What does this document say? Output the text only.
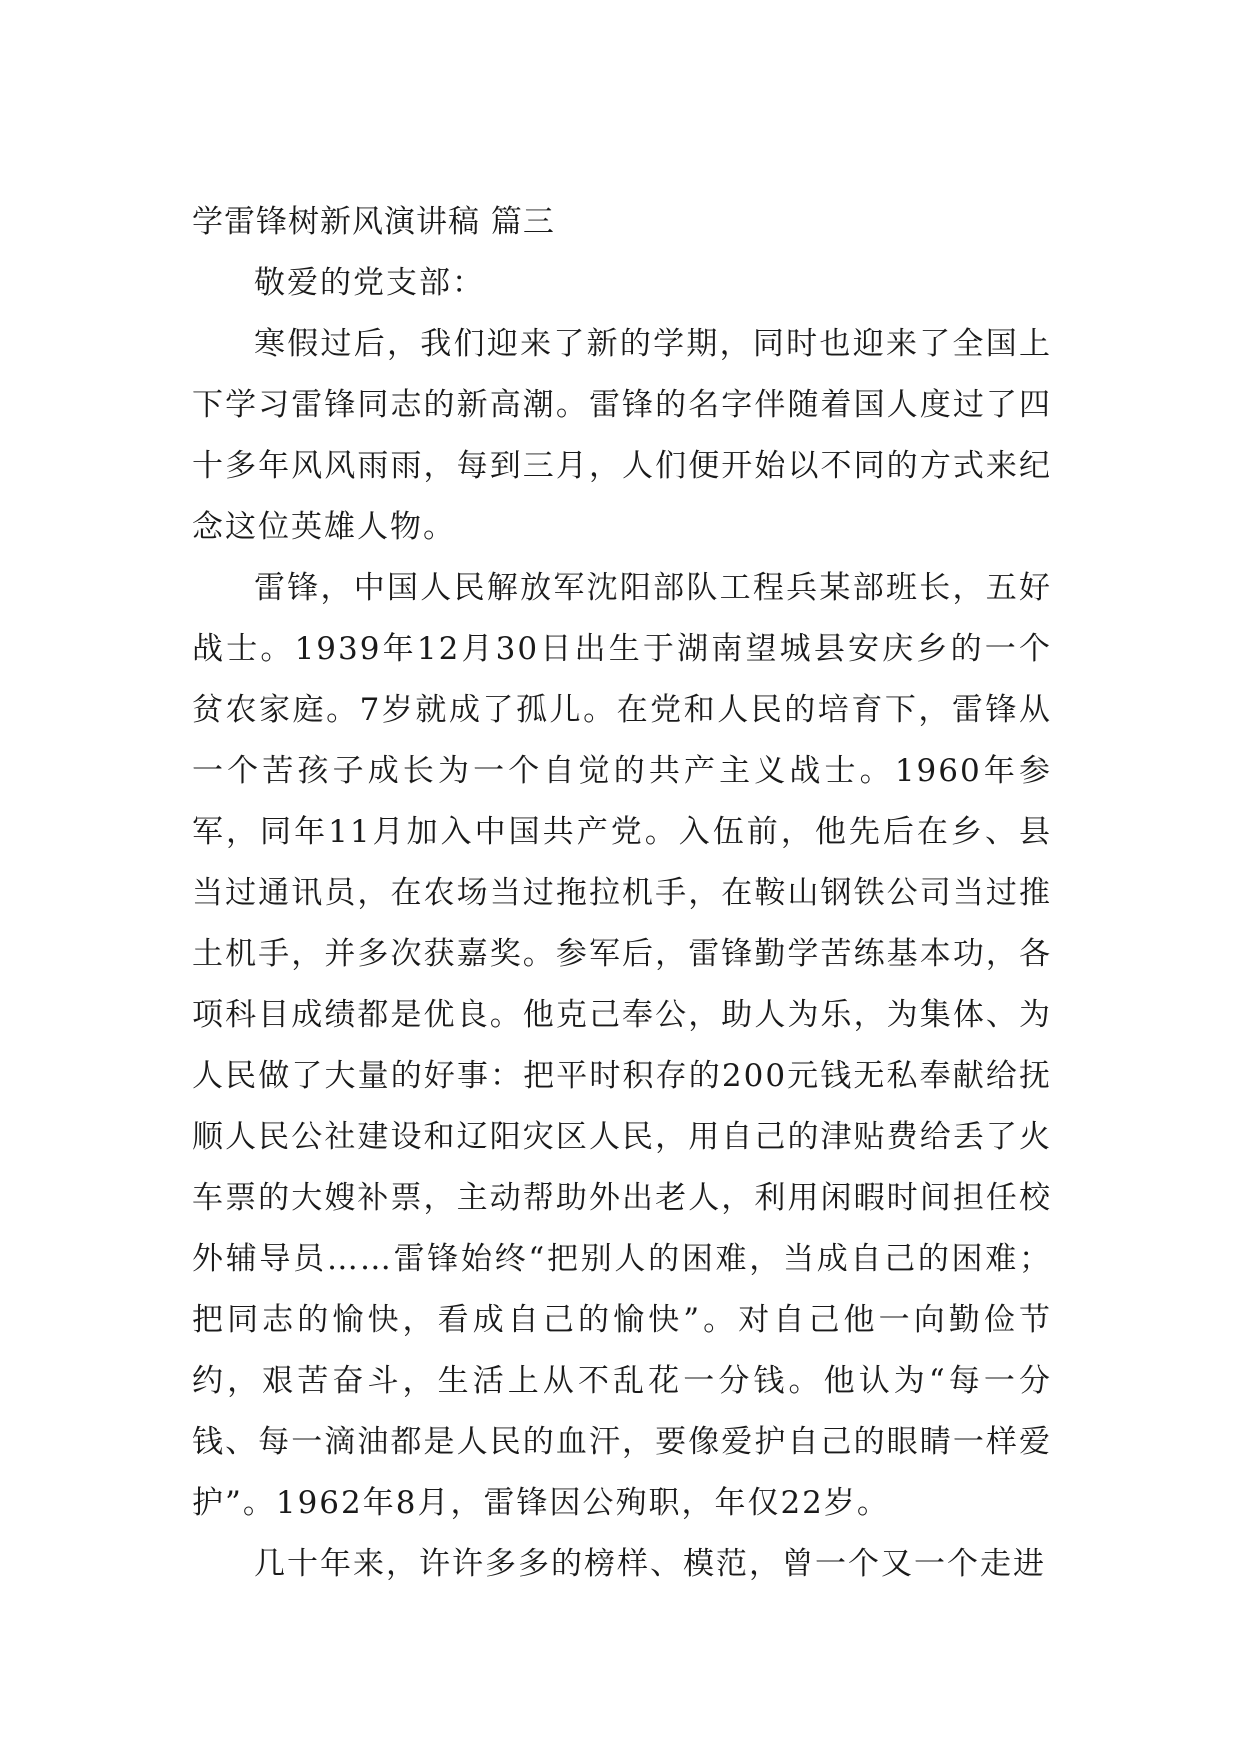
学雷锋树新风演讲稿 篇三

敬爱的党支部：

寒假过后，我们迎来了新的学期，同时也迎来了全国上下学习雷锋同志的新高潮。雷锋的名字伴随着国人度过了四十多年风风雨雨，每到三月，人们便开始以不同的方式来纪念这位英雄人物。

雷锋，中国人民解放军沈阳部队工程兵某部班长，五好战士。1939年12月30日出生于湖南望城县安庆乡的一个贫农家庭。7岁就成了孤儿。在党和人民的培育下，雷锋从一个苦孩子成长为一个自觉的共产主义战士。1960年参军，同年11月加入中国共产党。入伍前，他先后在乡、县当过通讯员，在农场当过拖拉机手，在鞍山钢铁公司当过推土机手，并多次获嘉奖。参军后，雷锋勤学苦练基本功，各项科目成绩都是优良。他克己奉公，助人为乐，为集体、为人民做了大量的好事：把平时积存的200元钱无私奉献给抚顺人民公社建设和辽阳灾区人民，用自己的津贴费给丢了火车票的大嫂补票，主动帮助外出老人，利用闲暇时间担任校外辅导员……雷锋始终“把别人的困难，当成自己的困难；把同志的愉快，看成自己的愉快”。对自己他一向勤俭节约，艰苦奋斗，生活上从不乱花一分钱。他认为“每一分钱、每一滴油都是人民的血汗，要像爱护自己的眼睛一样爱护”。1962年8月，雷锋因公殉职，年仅22岁。

几十年来，许许多多的榜样、模范，曾一个又一个走进
